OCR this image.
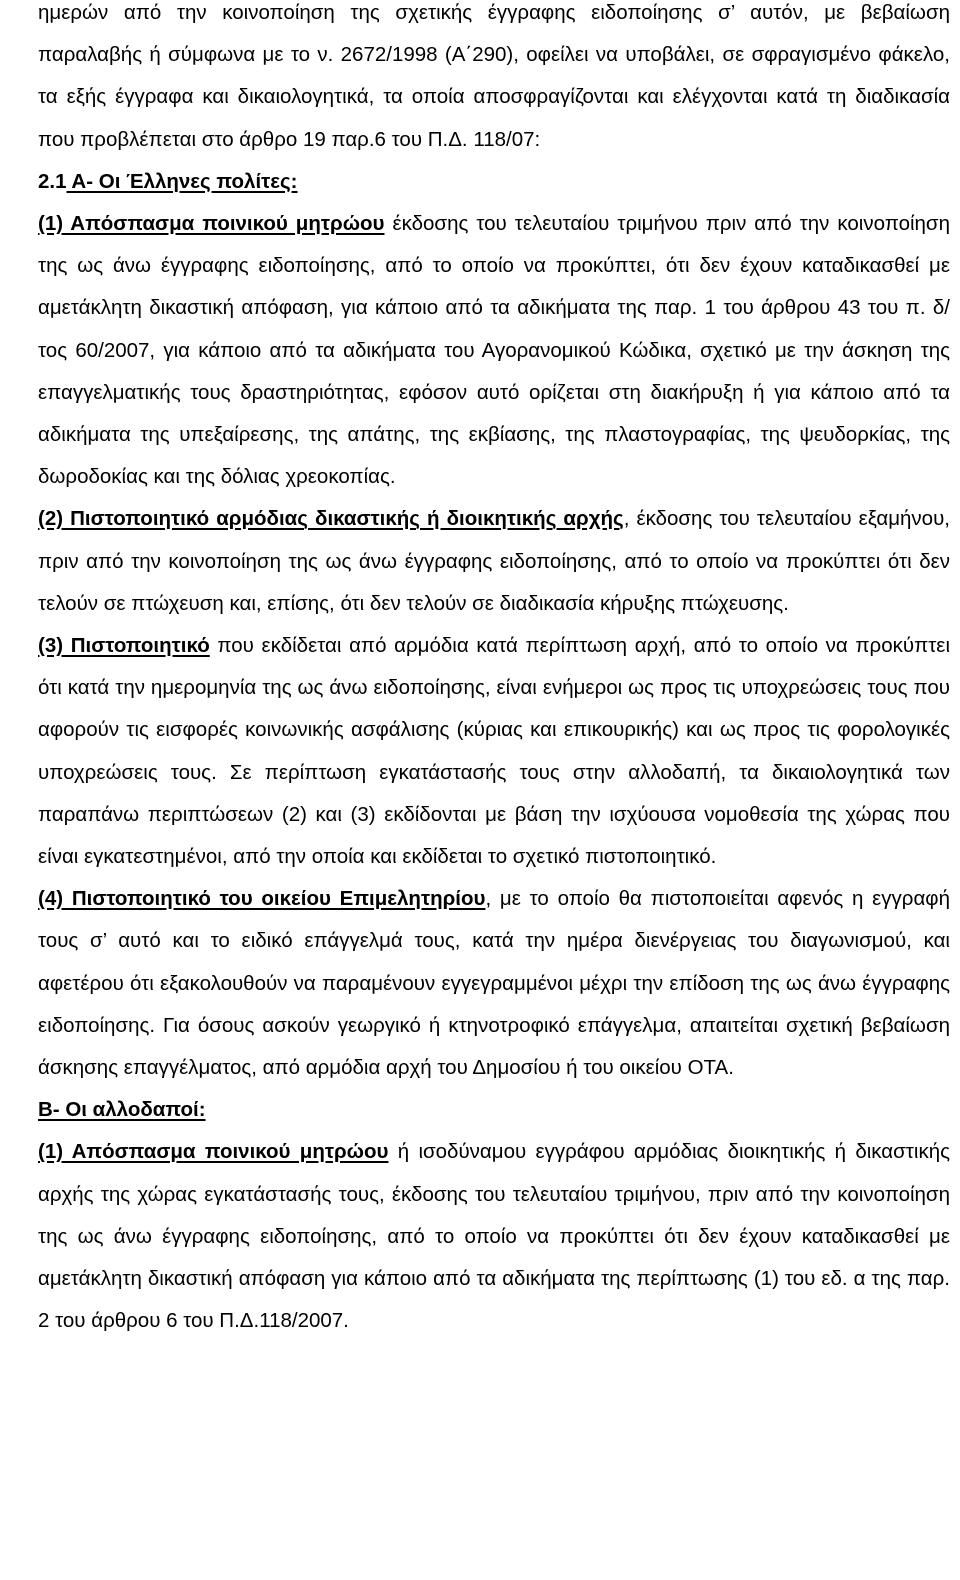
ημερών από την κοινοποίηση της σχετικής έγγραφης ειδοποίησης σ’ αυτόν, με βεβαίωση παραλαβής ή σύμφωνα με το ν. 2672/1998 (Α΄290), οφείλει να υποβάλει, σε σφραγισμένο φάκελο, τα εξής έγγραφα και δικαιολογητικά, τα οποία αποσφραγίζονται και ελέγχονται κατά τη διαδικασία που προβλέπεται στο άρθρο 19 παρ.6 του Π.Δ. 118/07:

2.1 Α- Οι Έλληνες πολίτες:

(1) Απόσπασμα ποινικού μητρώου έκδοσης του τελευταίου τριμήνου πριν από την κοινοποίηση της ως άνω έγγραφης ειδοποίησης, από το οποίο να προκύπτει, ότι δεν έχουν καταδικασθεί με αμετάκλητη δικαστική απόφαση, για κάποιο από τα αδικήματα της παρ. 1 του άρθρου 43 του π. δ/τος 60/2007, για κάποιο από τα αδικήματα του Αγορανομικού Κώδικα, σχετικό με την άσκηση της επαγγελματικής τους δραστηριότητας, εφόσον αυτό ορίζεται στη διακήρυξη ή για κάποιο από τα αδικήματα της υπεξαίρεσης, της απάτης, της εκβίασης, της πλαστογραφίας, της ψευδορκίας, της δωροδοκίας και της δόλιας χρεοκοπίας.

(2) Πιστοποιητικό αρμόδιας δικαστικής ή διοικητικής αρχής, έκδοσης του τελευταίου εξαμήνου, πριν από την κοινοποίηση της ως άνω έγγραφης ειδοποίησης, από το οποίο να προκύπτει ότι δεν τελούν σε πτώχευση και, επίσης, ότι δεν τελούν σε διαδικασία κήρυξης πτώχευσης.

(3) Πιστοποιητικό που εκδίδεται από αρμόδια κατά περίπτωση αρχή, από το οποίο να προκύπτει ότι κατά την ημερομηνία της ως άνω ειδοποίησης, είναι ενήμεροι ως προς τις υποχρεώσεις τους που αφορούν τις εισφορές κοινωνικής ασφάλισης (κύριας και επικουρικής) και ως προς τις φορολογικές υποχρεώσεις τους. Σε περίπτωση εγκατάστασής τους στην αλλοδαπή, τα δικαιολογητικά των παραπάνω περιπτώσεων (2) και (3) εκδίδονται με βάση την ισχύουσα νομοθεσία της χώρας που είναι εγκατεστημένοι, από την οποία και εκδίδεται το σχετικό πιστοποιητικό.

(4) Πιστοποιητικό του οικείου Επιμελητηρίου, με το οποίο θα πιστοποιείται αφενός η εγγραφή τους σ’ αυτό και το ειδικό επάγγελμά τους, κατά την ημέρα διενέργειας του διαγωνισμού, και αφετέρου ότι εξακολουθούν να παραμένουν εγγεγραμμένοι μέχρι την επίδοση της ως άνω έγγραφης ειδοποίησης. Για όσους ασκούν γεωργικό ή κτηνοτροφικό επάγγελμα, απαιτείται σχετική βεβαίωση άσκησης επαγγέλματος, από αρμόδια αρχή του Δημοσίου ή του οικείου ΟΤΑ.

Β- Οι αλλοδαποί:

(1) Απόσπασμα ποινικού μητρώου ή ισοδύναμου εγγράφου αρμόδιας διοικητικής ή δικαστικής αρχής της χώρας εγκατάστασής τους, έκδοσης του τελευταίου τριμήνου, πριν από την κοινοποίηση της ως άνω έγγραφης ειδοποίησης, από το οποίο να προκύπτει ότι δεν έχουν καταδικασθεί με αμετάκλητη δικαστική απόφαση για κάποιο από τα αδικήματα της περίπτωσης (1) του εδ. α της παρ. 2 του άρθρου 6 του Π.Δ.118/2007.
